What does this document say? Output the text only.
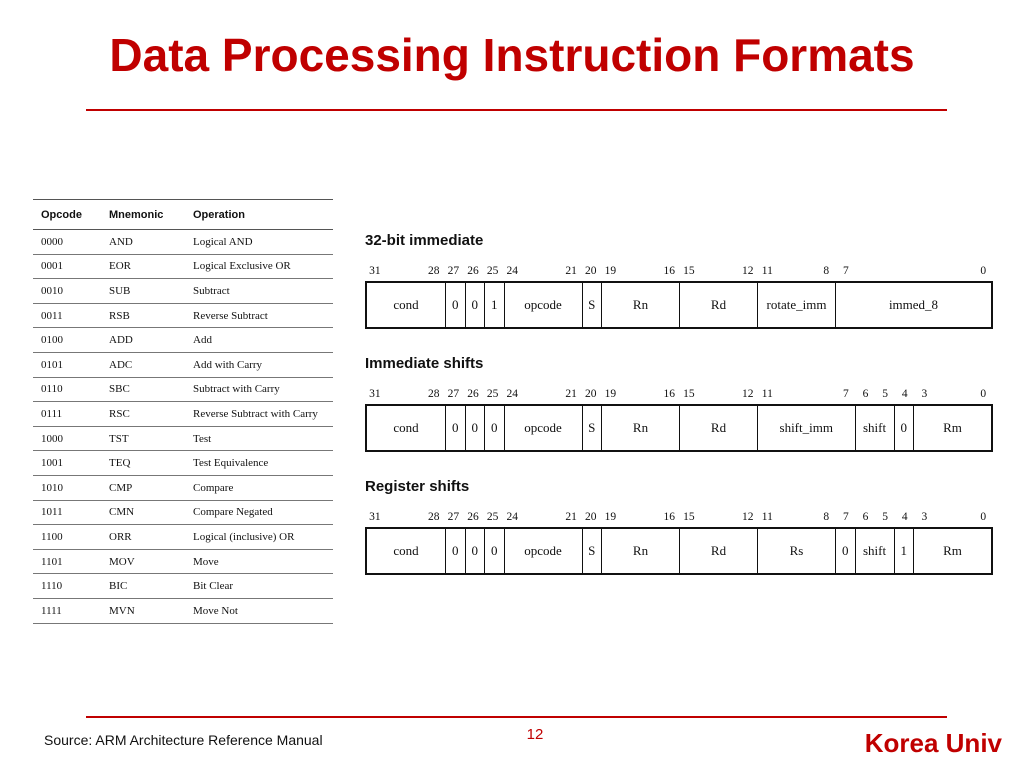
Data Processing Instruction Formats
Opcode	Mnemonic	Operation
0000	AND	Logical AND
0001	EOR	Logical Exclusive OR
0010	SUB	Subtract
0011	RSB	Reverse Subtract
0100	ADD	Add
0101	ADC	Add with Carry
0110	SBC	Subtract with Carry
0111	RSC	Reverse Subtract with Carry
1000	TST	Test
1001	TEQ	Test Equivalence
1010	CMP	Compare
1011	CMN	Compare Negated
1100	ORR	Logical (inclusive) OR
1101	MOV	Move
1110	BIC	Bit Clear
1111	MVN	Move Not
32-bit immediate
31	28 27 26 25 24	21 20 19	16 15	12 11	8 7	0
cond	0	0	1	opcode	S	Rn	Rd	rotate_imm	immed_8
Immediate shifts
31	28 27 26 25 24	21 20 19	16 15	12 11	7 6 5 4 3	0
cond	0	0	0	opcode	S	Rn	Rd	shift_imm	shift	0	Rm
Register shifts
31	28 27 26 25 24	21 20 19	16 15	12 11	8 7 6 5 4 3	0
cond	0	0	0	opcode	S	Rn	Rd	Rs	0	shift	1	Rm
Source: ARM Architecture Reference Manual	12	Korea Univ
